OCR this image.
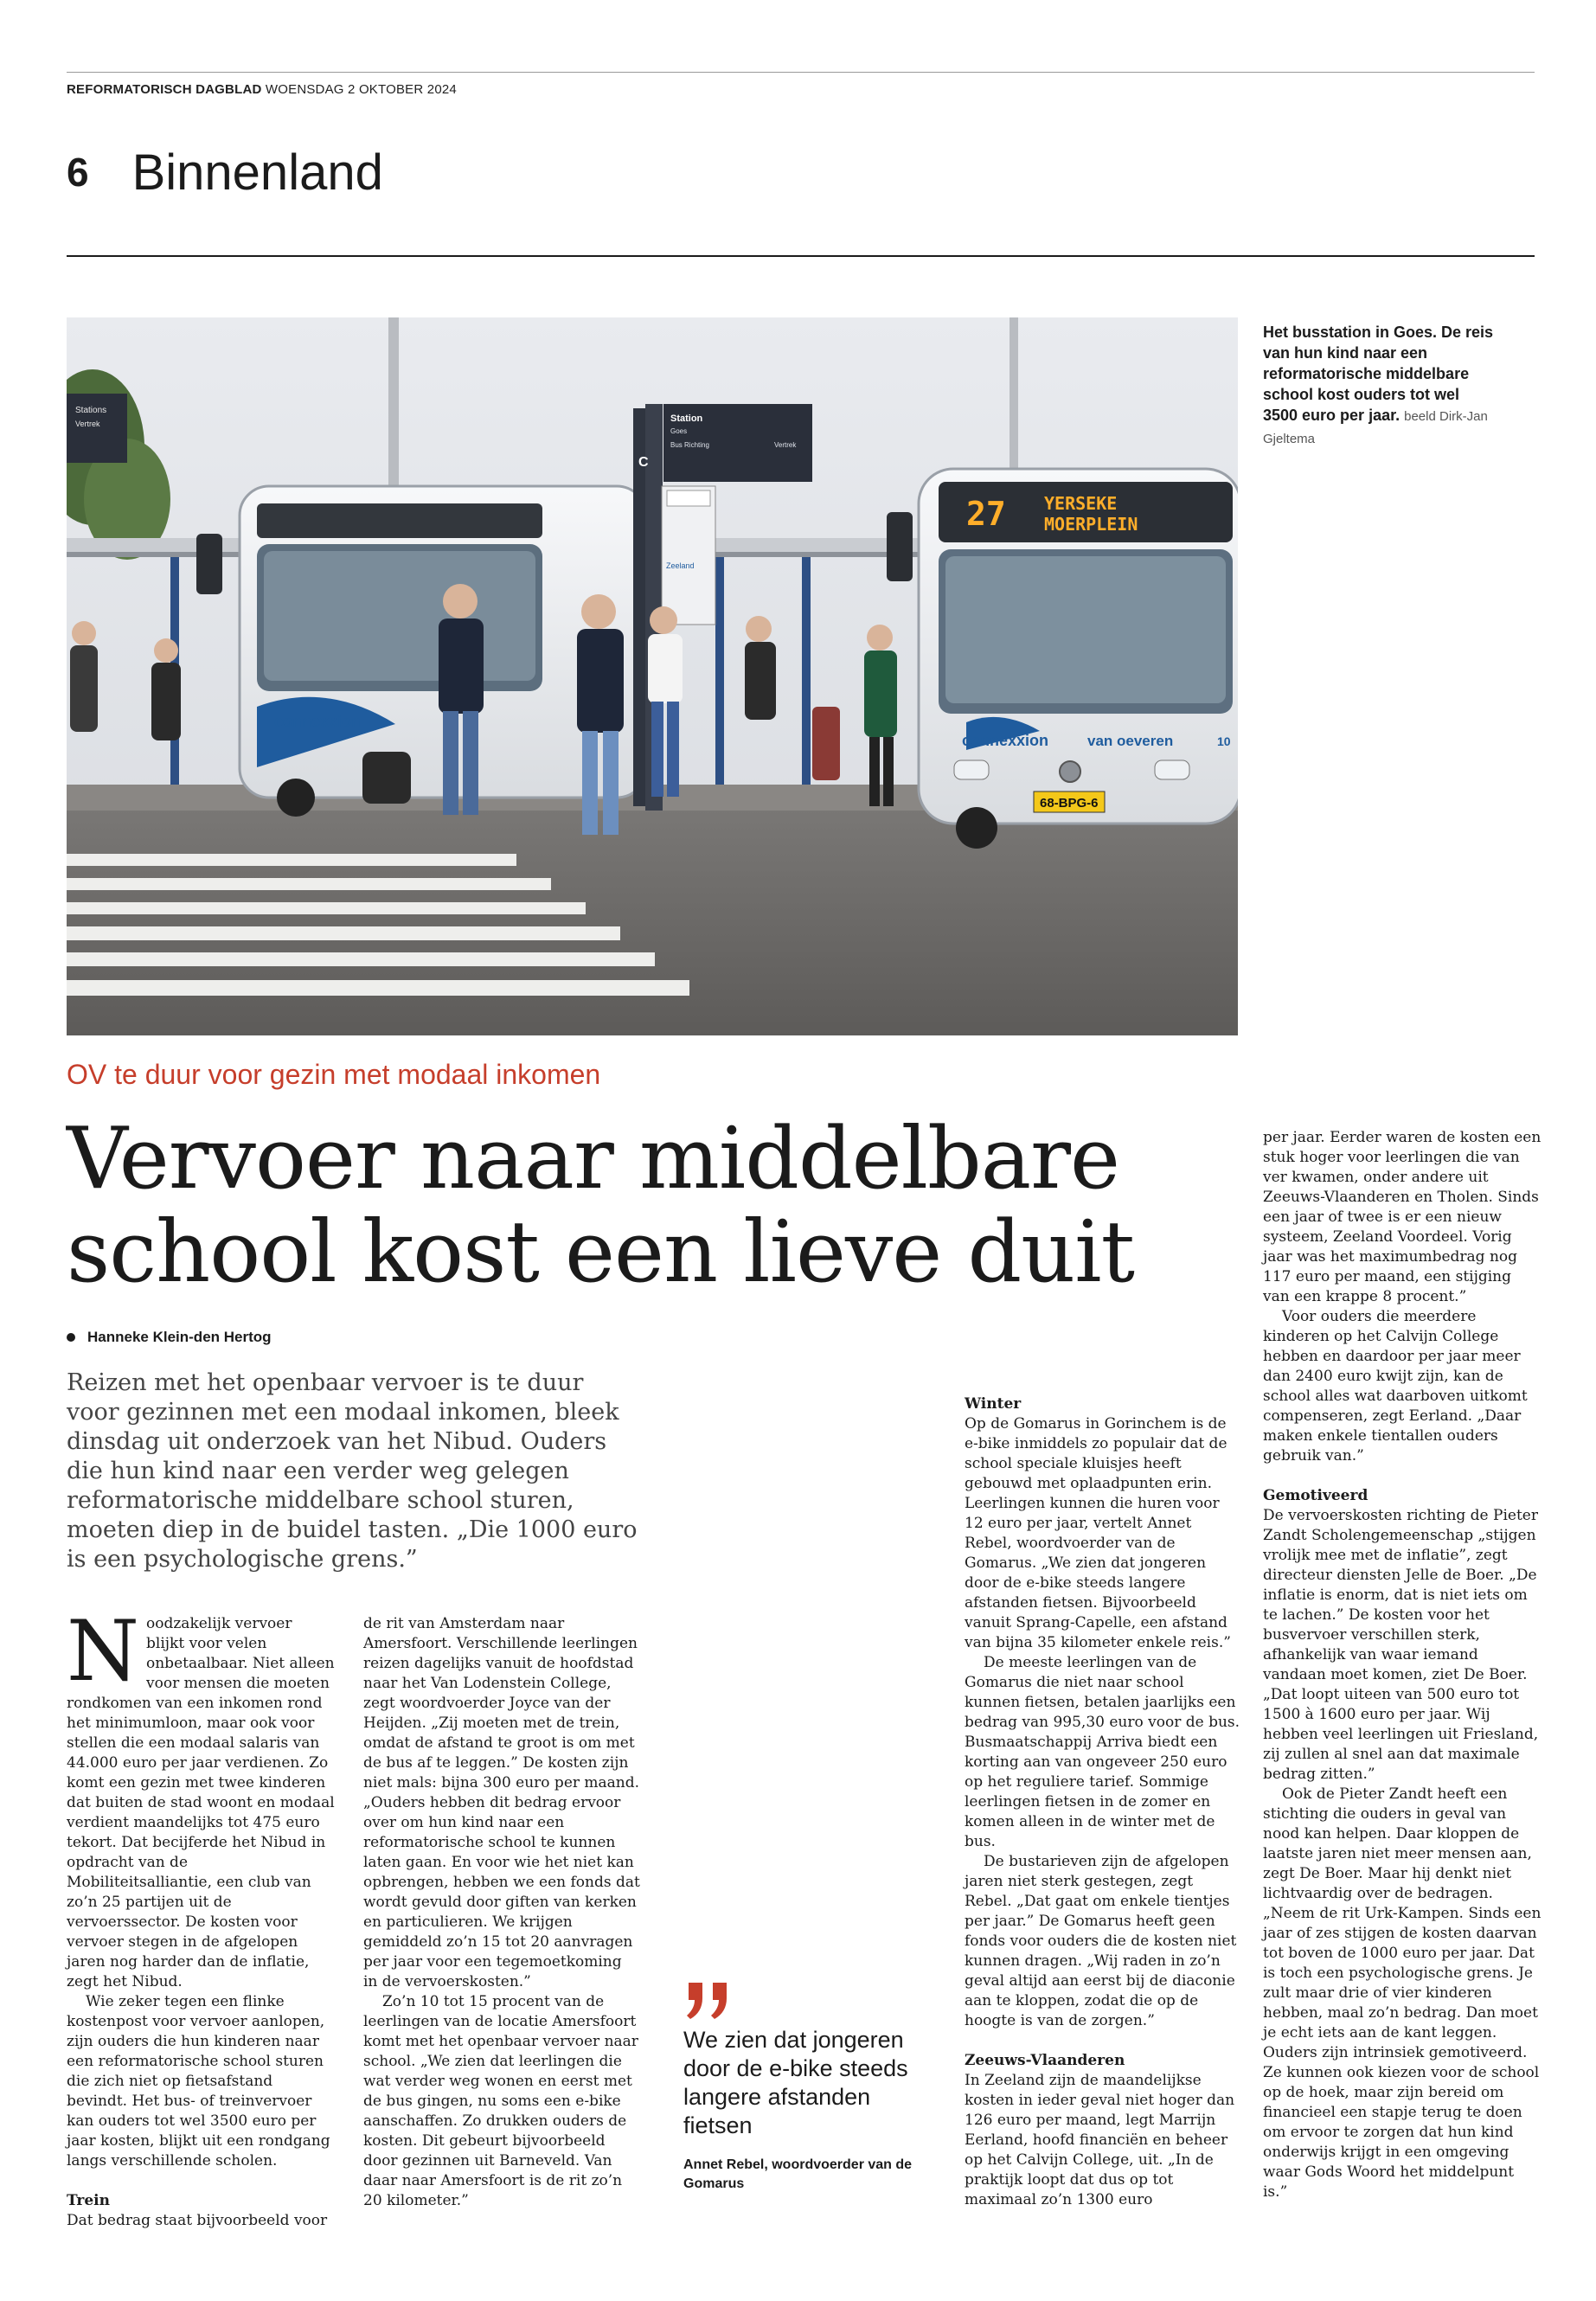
REFORMATORISCH DAGBLAD WOENSDAG 2 OKTOBER 2024
6 Binnenland
Stations
Vertrek
connexxion
C
Station
Goes
Bus Richting	Vertrek
Zeeland
27 YERSEKE
MOERPLEIN
connexxion	van oeveren	10
68-BPG-6
Het busstation in Goes. De reis van hun kind naar een reformatorische middelbare school kost ouders tot wel 3500 euro per jaar. beeld Dirk-Jan Gjeltema
OV te duur voor gezin met modaal inkomen
Vervoer naar middelbare
school kost een lieve duit
Hanneke Klein-den Hertog
Reizen met het openbaar vervoer is te duur voor gezinnen met een modaal inkomen, bleek dinsdag uit onderzoek van het Nibud. Ouders die hun kind naar een verder weg gelegen reformatorische middelbare school sturen, moeten diep in de buidel tasten. „Die 1000 euro is een psychologische grens.”

Noodzakelijk vervoer blijkt voor velen onbetaalbaar. Niet alleen voor mensen die moeten rondkomen van een inkomen rond het minimumloon, maar ook voor stellen die een modaal salaris van 44.000 euro per jaar verdienen. Zo komt een gezin met twee kinderen dat buiten de stad woont en modaal verdient maandelijks tot 475 euro tekort. Dat becijferde het Nibud in opdracht van de Mobiliteitsalliantie, een club van zo’n 25 partijen uit de vervoerssector. De kosten voor vervoer stegen in de afgelopen jaren nog harder dan de inflatie, zegt het Nibud.

Wie zeker tegen een flinke kostenpost voor vervoer aanlopen, zijn ouders die hun kinderen naar een reformatorische school sturen die zich niet op fietsafstand bevindt. Het bus- of treinvervoer kan ouders tot wel 3500 euro per jaar kosten, blijkt uit een rondgang langs verschillende scholen.

Trein

Dat bedrag staat bijvoorbeeld voor

de rit van Amsterdam naar Amersfoort. Verschillende leerlingen reizen dagelijks vanuit de hoofdstad naar het Van Lodenstein College, zegt woordvoerder Joyce van der Heijden. „Zij moeten met de trein, omdat de afstand te groot is om met de bus af te leggen.” De kosten zijn niet mals: bijna 300 euro per maand. „Ouders hebben dit bedrag ervoor over om hun kind naar een reformatorische school te kunnen laten gaan. En voor wie het niet kan opbrengen, hebben we een fonds dat wordt gevuld door giften van kerken en particulieren. We krijgen gemiddeld zo’n 15 tot 20 aanvragen per jaar voor een tegemoetkoming in de vervoerskosten.”

Zo’n 10 tot 15 procent van de leerlingen van de locatie Amersfoort komt met het openbaar vervoer naar school. „We zien dat leerlingen die wat verder weg wonen en eerst met de bus gingen, nu soms een e-bike aanschaffen. Zo drukken ouders de kosten. Dit gebeurt bijvoorbeeld door gezinnen uit Barneveld. Van daar naar Amersfoort is de rit zo’n 20 kilometer.”

We zien dat jongeren door de e-bike steeds langere afstanden fietsen
Annet Rebel, woordvoerder van de Gomarus
Winter

Op de Gomarus in Gorinchem is de e-bike inmiddels zo populair dat de school speciale kluisjes heeft gebouwd met oplaadpunten erin. Leerlingen kunnen die huren voor 12 euro per jaar, vertelt Annet Rebel, woordvoerder van de Gomarus. „We zien dat jongeren door de e-bike steeds langere afstanden fietsen. Bijvoorbeeld vanuit Sprang-Capelle, een afstand van bijna 35 kilometer enkele reis.”

De meeste leerlingen van de Gomarus die niet naar school kunnen fietsen, betalen jaarlijks een bedrag van 995,30 euro voor de bus. Busmaatschappij Arriva biedt een korting aan van ongeveer 250 euro op het reguliere tarief. Sommige leerlingen fietsen in de zomer en komen alleen in de winter met de bus.

De bustarieven zijn de afgelopen jaren niet sterk gestegen, zegt Rebel. „Dat gaat om enkele tientjes per jaar.” De Gomarus heeft geen fonds voor ouders die de kosten niet kunnen dragen. „Wij raden in zo’n geval altijd aan eerst bij de diaconie aan te kloppen, zodat die op de hoogte is van de zorgen.”

Zeeuws-Vlaanderen

In Zeeland zijn de maandelijkse kosten in ieder geval niet hoger dan 126 euro per maand, legt Marrijn Eerland, hoofd financiën en beheer op het Calvijn College, uit. „In de praktijk loopt dat dus op tot maximaal zo’n 1300 euro

per jaar. Eerder waren de kosten een stuk hoger voor leerlingen die van ver kwamen, onder andere uit Zeeuws-Vlaanderen en Tholen. Sinds een jaar of twee is er een nieuw systeem, Zeeland Voordeel. Vorig jaar was het maximumbedrag nog 117 euro per maand, een stijging van een krappe 8 procent.”

Voor ouders die meerdere kinderen op het Calvijn College hebben en daardoor per jaar meer dan 2400 euro kwijt zijn, kan de school alles wat daarboven uitkomt compenseren, zegt Eerland. „Daar maken enkele tientallen ouders gebruik van.”

Gemotiveerd

De vervoerskosten richting de Pieter Zandt Scholengemeenschap „stijgen vrolijk mee met de inflatie”, zegt directeur diensten Jelle de Boer. „De inflatie is enorm, dat is niet iets om te lachen.” De kosten voor het busvervoer verschillen sterk, afhankelijk van waar iemand vandaan moet komen, ziet De Boer. „Dat loopt uiteen van 500 euro tot 1500 à 1600 euro per jaar. Wij hebben veel leerlingen uit Friesland, zij zullen al snel aan dat maximale bedrag zitten.”

Ook de Pieter Zandt heeft een stichting die ouders in geval van nood kan helpen. Daar kloppen de laatste jaren niet meer mensen aan, zegt De Boer. Maar hij denkt niet lichtvaardig over de bedragen. „Neem de rit Urk-Kampen. Sinds een jaar of zes stijgen de kosten daarvan tot boven de 1000 euro per jaar. Dat is toch een psychologische grens. Je zult maar drie of vier kinderen hebben, maal zo’n bedrag. Dan moet je echt iets aan de kant leggen. Ouders zijn intrinsiek gemotiveerd. Ze kunnen ook kiezen voor de school op de hoek, maar zijn bereid om financieel een stapje terug te doen om ervoor te zorgen dat hun kind onderwijs krijgt in een omgeving waar Gods Woord het middelpunt is.”
